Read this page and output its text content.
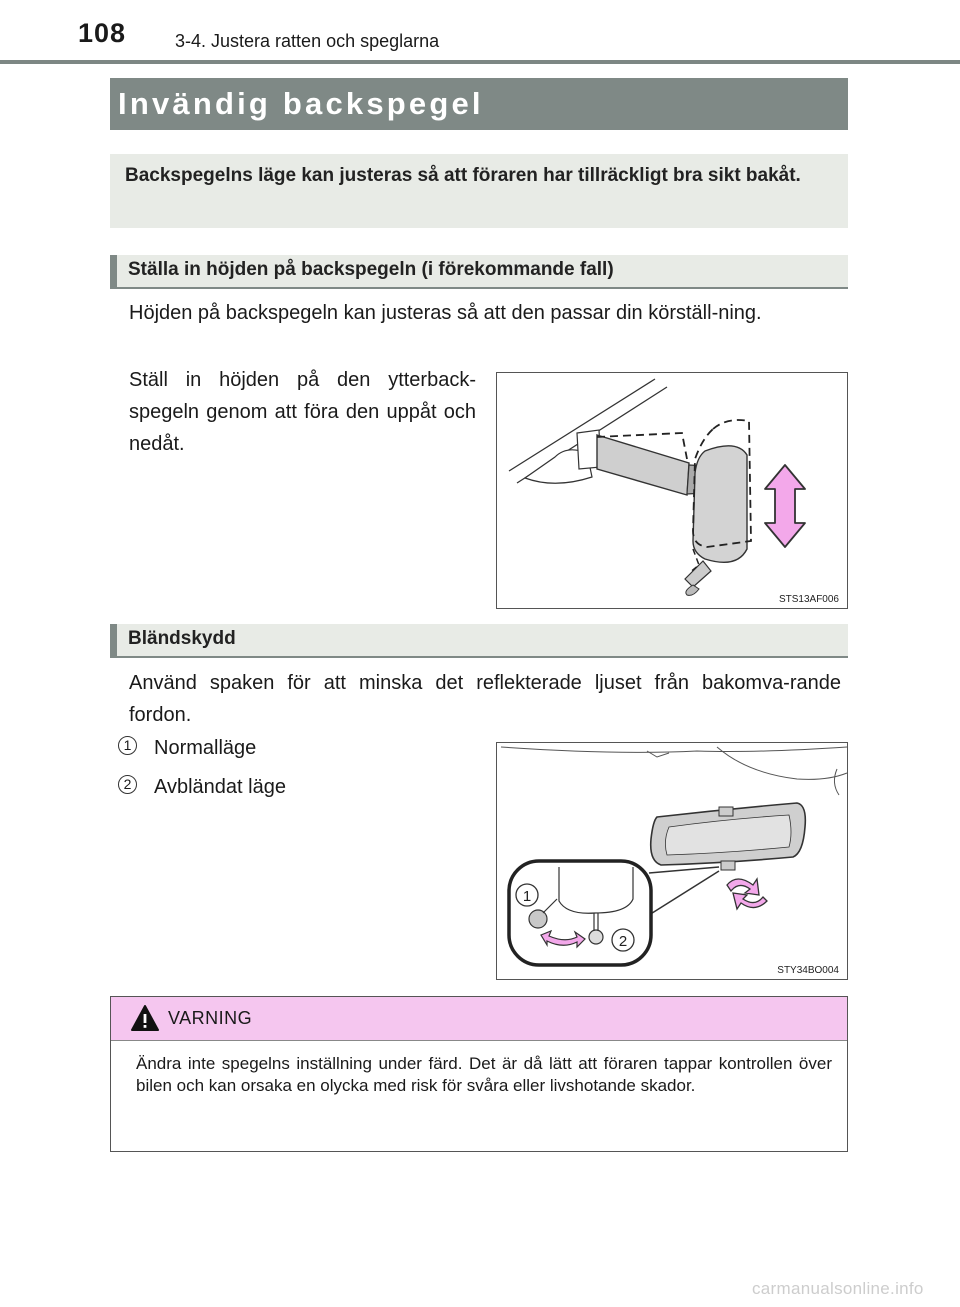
108	3-4. Justera ratten och speglarna
Invändig backspegel
Backspegelns läge kan justeras så att föraren har tillräckligt bra sikt bakåt.
Ställa in höjden på backspegeln (i förekommande fall)
Höjden på backspegeln kan justeras så att den passar din körställ-ning.
Ställ in höjden på den ytterback-spegeln genom att föra den uppåt och nedåt.
STS13AF006
Bländskydd
Använd spaken för att minska det reflekterade ljuset från bakomva-rande fordon.
1 Normalläge
2 Avbländat läge
1
2
STY34BO004
VARNING
Ändra inte spegelns inställning under färd. Det är då lätt att föraren tappar kontrollen över bilen och kan orsaka en olycka med risk för svåra eller livshotande skador.
carmanualsonline.info
